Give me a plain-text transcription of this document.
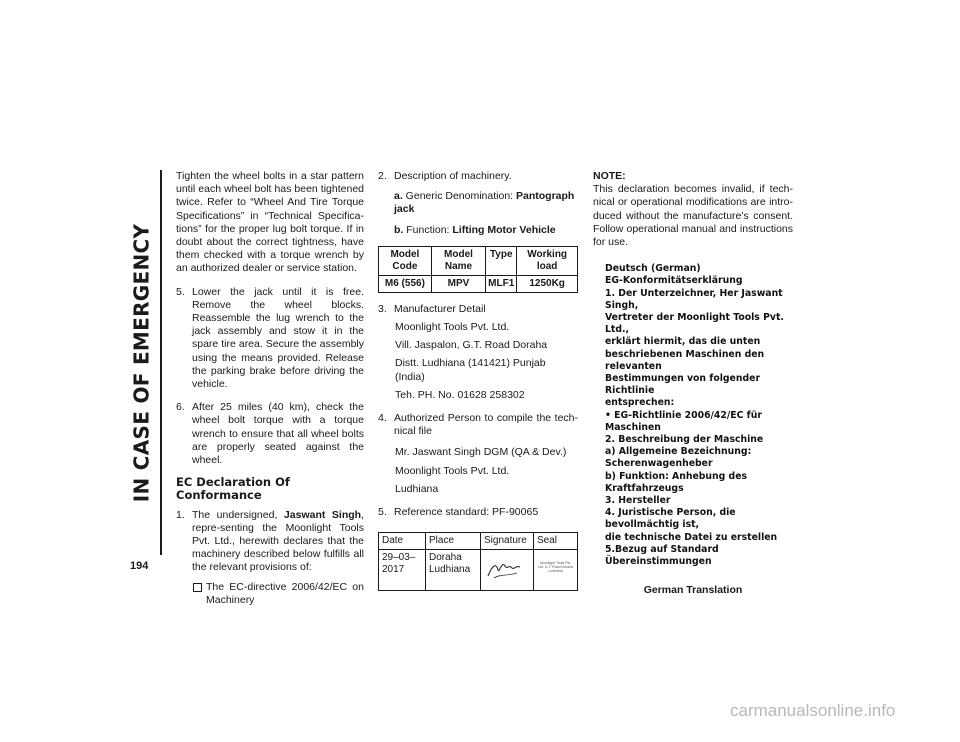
IN CASE OF EMERGENCY
194

Tighten the wheel bolts in a star pattern until each wheel bolt has been tightened twice. Refer to “Wheel And Tire Torque Specifications” in “Technical Specifica-tions” for the proper lug bolt torque. If in doubt about the correct tightness, have them checked with a torque wrench by an authorized dealer or service station.

5. Lower the jack until it is free. Remove the wheel blocks. Reassemble the lug wrench to the jack assembly and stow it in the spare tire area. Secure the assembly using the means provided. Release the parking brake before driving the vehicle.
6. After 25 miles (40 km), check the wheel bolt torque with a torque wrench to ensure that all wheel bolts are properly seated against the wheel.
EC Declaration Of Conformance
1. The undersigned, Jaswant Singh, repre-senting the Moonlight Tools Pvt. Ltd., herewith declares that the machinery described below fulfills all the relevant provisions of:
The EC-directive 2006/42/EC on Machinery
2. Description of machinery.
a. Generic Denomination: Pantograph jack
b. Function: Lifting Motor Vehicle
Model Code	Model Name	Type	Working load
M6 (556)	MPV	MLF1	1250Kg
3. Manufacturer Detail

Moonlight Tools Pvt. Ltd.

Vill. Jaspalon, G.T. Road Doraha

Distt. Ludhiana (141421) Punjab (India)

Teh. PH. No. 01628 258302

4. Authorized Person to compile the tech-nical file

Mr. Jaswant Singh DGM (QA & Dev.)

Moonlight Tools Pvt. Ltd.

Ludhiana

5. Reference standard: PF-90065
Date	Place	Signature	Seal
29–03–2017	Doraha Ludhiana		Moonlight Tools Pvt. Ltd. G.T. Road Doraha Ludhiana

NOTE:

This declaration becomes invalid, if tech-nical or operational modifications are intro-duced without the manufacture’s consent. Follow operational manual and instructions for use.

Deutsch (German)
EG-Konformitätserklärung
1. Der Unterzeichner, Her Jaswant Singh,
Vertreter der Moonlight Tools Pvt. Ltd.,
erklärt hiermit, das die unten
beschriebenen Maschinen den relevanten
Bestimmungen von folgender Richtlinie
entsprechen:
• EG-Richtlinie 2006/42/EC für Maschinen
2. Beschreibung der Maschine
a) Allgemeine Bezeichnung:
Scherenwagenheber
b) Funktion: Anhebung des Kraftfahrzeugs
3. Hersteller
4. Juristische Person, die bevollmächtig ist,
die technische Datei zu erstellen
5.Bezug auf Standard Übereinstimmungen
German Translation
carmanualsonline.info
